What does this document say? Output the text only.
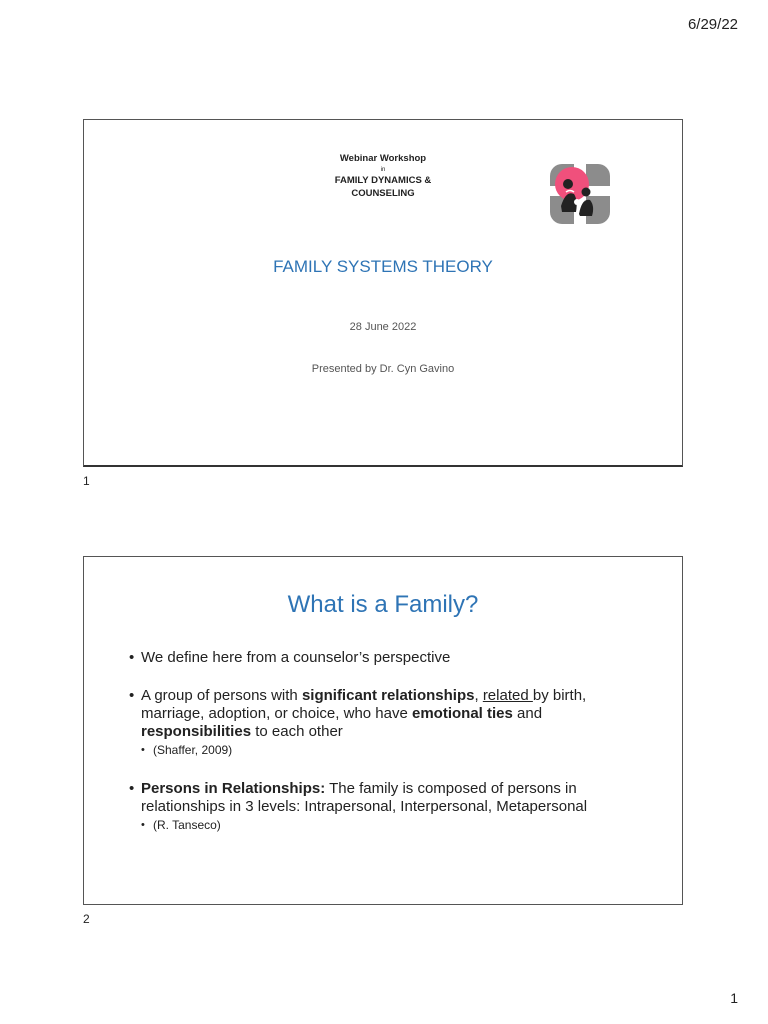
6/29/22
Webinar Workshop
in
FAMILY DYNAMICS &
COUNSELING
FAMILY SYSTEMS THEORY
28 June 2022
Presented by Dr. Cyn Gavino
1
What is a Family?

• We define here from a counselor’s perspective

• A group of persons with significant relationships, related by birth, marriage, adoption, or choice, who have emotional ties and responsibilities to each other

• (Shaffer, 2009)

• Persons in Relationships: The family is composed of persons in relationships in 3 levels: Intrapersonal, Interpersonal, Metapersonal

• (R. Tanseco)
2
1
